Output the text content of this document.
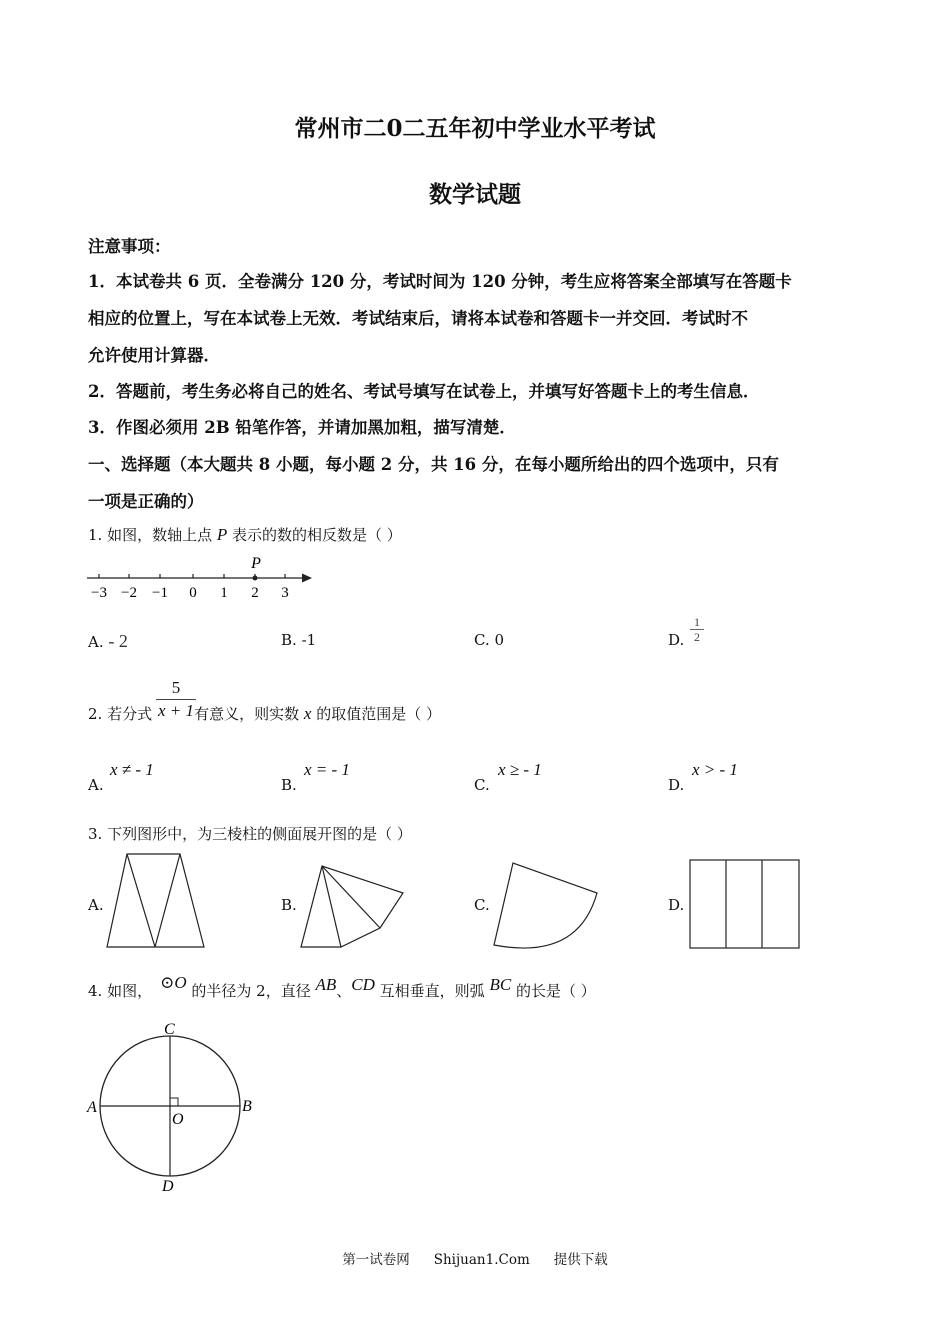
常州市二0二五年初中学业水平考试
数学试题
注意事项：
1．本试卷共 6 页．全卷满分 120 分，考试时间为 120 分钟，考生应将答案全部填写在答题卡
相应的位置上，写在本试卷上无效．考试结束后，请将本试卷和答题卡一并交回．考试时不
允许使用计算器．
2．答题前，考生务必将自己的姓名、考试号填写在试卷上，并填写好答题卡上的考生信息．
3．作图必须用 2B 铅笔作答，并请加黑加粗，描写清楚．
一、选择题（本大题共 8 小题，每小题 2 分，共 16 分，在每小题所给出的四个选项中，只有
一项是正确的）
1. 如图，数轴上点 P 表示的数的相反数是（ ）
P
−3 −2 −1 0 1 2 3
A. - 2	B. -1	C. 0	D. $\frac{1}{2}$
2. 若分式	有意义，则实数 x 的取值范围是（ ）
$\frac{5}{x + 1}$
A.
x ≠ - 1
B.
x = - 1
C.
x ≥ - 1
D.
x > - 1
3. 下列图形中，为三棱柱的侧面展开图的是（ ）
A.	B.	C.	D.
4. 如图， ⊙O 的半径为 2，直径 AB、CD 互相垂直，则弧 BC 的长是（ ）
C
A	B
O
D
第一试卷网 Shijuan1.Com 提供下载
